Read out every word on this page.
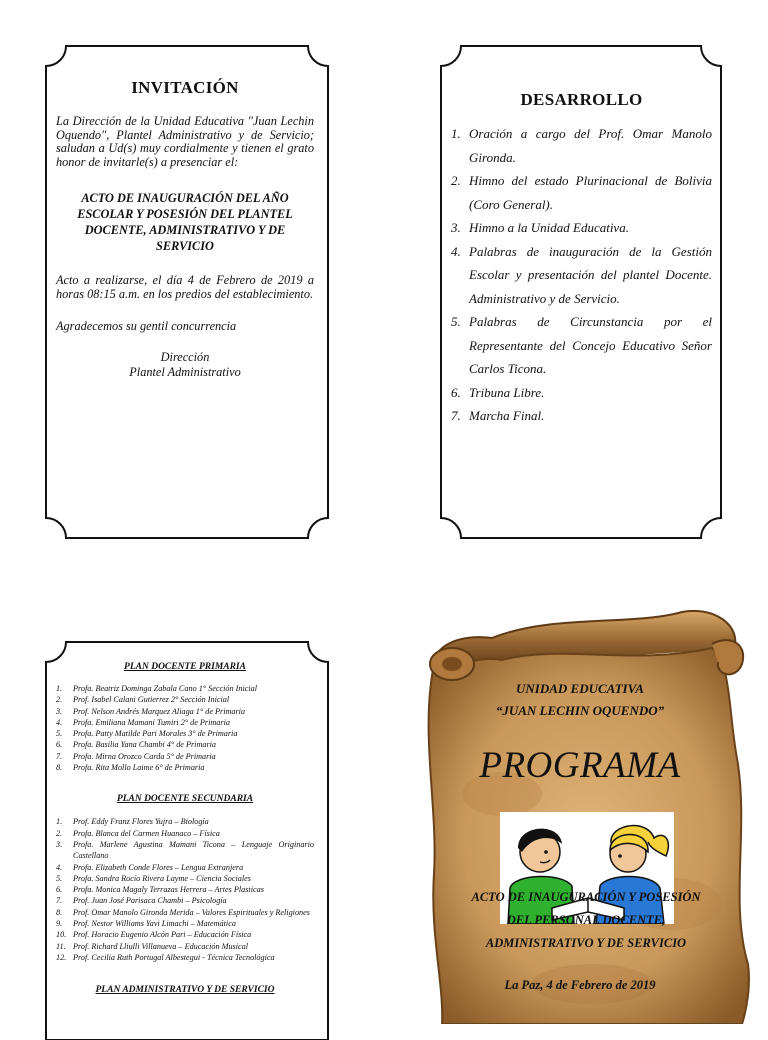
INVITACIÓN
La Dirección de la Unidad Educativa "Juan Lechin Oquendo", Plantel Administrativo y de Servicio; saludan a Ud(s) muy cordialmente y tienen el grato honor de invitarle(s) a presenciar el:
ACTO DE INAUGURACIÓN DEL AÑO ESCOLAR Y POSESIÓN DEL PLANTEL DOCENTE, ADMINISTRATIVO Y DE SERVICIO
Acto a realizarse, el día 4 de Febrero de 2019 a horas 08:15 a.m. en los predios del establecimiento.
Agradecemos su gentil concurrencia
Dirección
Plantel Administrativo
DESARROLLO
1. Oración a cargo del Prof. Omar Manolo Gironda.
2. Himno del estado Plurinacional de Bolivia (Coro General).
3. Himno a la Unidad Educativa.
4. Palabras de inauguración de la Gestión Escolar y presentación del plantel Docente. Administrativo y de Servicio.
5. Palabras de Circunstancia por el Representante del Concejo Educativo Señor Carlos Ticona.
6. Tribuna Libre.
7. Marcha Final.
PLAN DOCENTE PRIMARIA
1. Profa. Beatriz Dominga Zabala Cano 1° Sección Inicial
2. Prof. Isabel Calani Gutierrez 2° Sección Inicial
3. Prof. Nelson Andrés Marquez Aliaga 1° de Primaria
4. Profa. Emiliana Mamani Tumiri 2° de Primaria
5. Profa. Patty Matilde Pari Morales 3° de Primaria
6. Profa. Basilia Yana Chambi 4° de Primaria
7. Profa. Mirna Orozco Carda 5° de Primaria
8. Profa. Rita Mollo Laime 6° de Primaria
PLAN DOCENTE SECUNDARIA
1. Prof. Eddy Franz Flores Yujra – Biología
2. Profa. Blanca del Carmen Huanaco – Física
3. Profa. Marlene Agustina Mamani Ticona – Lenguaje Originario Castellano
4. Profa. Elizabeth Conde Flores – Lengua Extranjera
5. Profa. Sandra Rocío Rivera Layme – Ciencia Sociales
6. Profa. Monica Magaly Terrazas Herrera – Artes Plasticas
7. Prof. Juan José Parisaca Chambi – Psicología
8. Prof. Omar Manolo Gironda Merida – Valores Espirituales y Religiones
9. Prof. Nestor Williams Yavi Limachi – Matemática
10. Prof. Horacio Eugenio Alcón Pari – Educación Física
11. Prof. Richard Lliulli Villanueva – Educación Musical
12. Prof. Cecilia Ruth Portugal Albestegui - Técnica Tecnológica
PLAN ADMINISTRATIVO Y DE SERVICIO
UNIDAD EDUCATIVA
“JUAN LECHIN OQUENDO”
PROGRAMA
ACTO DE INAUGURACIÓN Y POSESIÓN
DEL PERSONAL DOCENTE,
ADMINISTRATIVO Y DE SERVICIO
La Paz, 4 de Febrero de 2019
